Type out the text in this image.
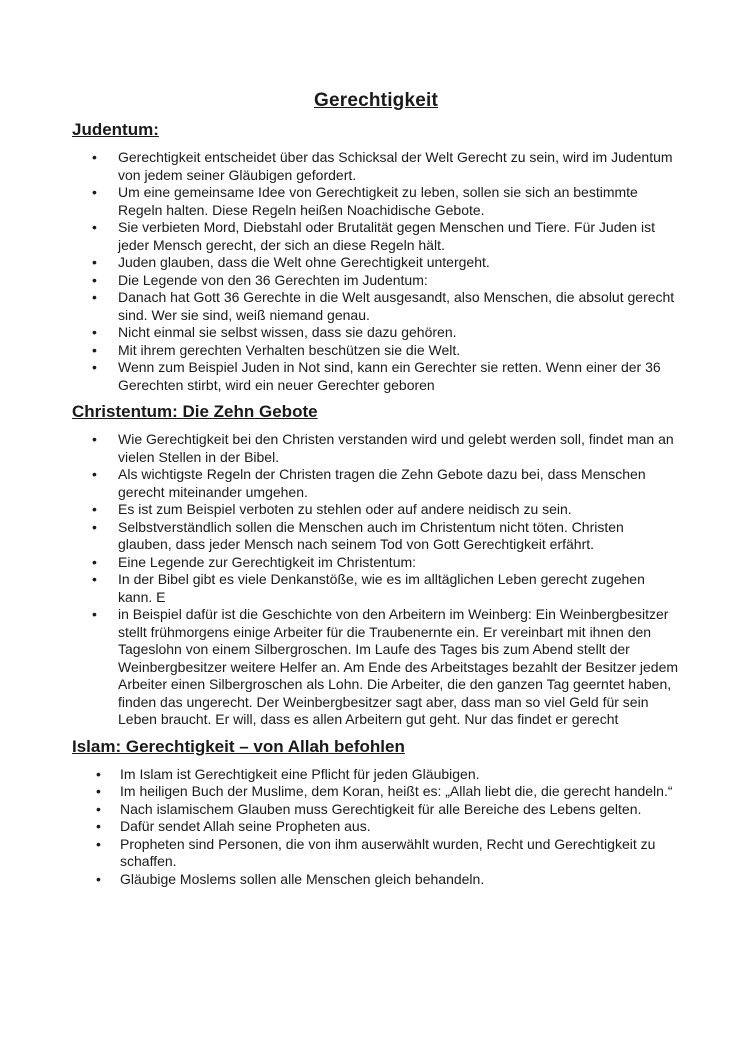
Gerechtigkeit
Judentum:
• Gerechtigkeit entscheidet über das Schicksal der Welt Gerecht zu sein, wird im Judentum von jedem seiner Gläubigen gefordert.
• Um eine gemeinsame Idee von Gerechtigkeit zu leben, sollen sie sich an bestimmte Regeln halten. Diese Regeln heißen Noachidische Gebote.
• Sie verbieten Mord, Diebstahl oder Brutalität gegen Menschen und Tiere. Für Juden ist jeder Mensch gerecht, der sich an diese Regeln hält.
• Juden glauben, dass die Welt ohne Gerechtigkeit untergeht.
• Die Legende von den 36 Gerechten im Judentum:
• Danach hat Gott 36 Gerechte in die Welt ausgesandt, also Menschen, die absolut gerecht sind. Wer sie sind, weiß niemand genau.
• Nicht einmal sie selbst wissen, dass sie dazu gehören.
• Mit ihrem gerechten Verhalten beschützen sie die Welt.
• Wenn zum Beispiel Juden in Not sind, kann ein Gerechter sie retten. Wenn einer der 36 Gerechten stirbt, wird ein neuer Gerechter geboren
Christentum: Die Zehn Gebote
• Wie Gerechtigkeit bei den Christen verstanden wird und gelebt werden soll, findet man an vielen Stellen in der Bibel.
• Als wichtigste Regeln der Christen tragen die Zehn Gebote dazu bei, dass Menschen gerecht miteinander umgehen.
• Es ist zum Beispiel verboten zu stehlen oder auf andere neidisch zu sein.
• Selbstverständlich sollen die Menschen auch im Christentum nicht töten. Christen glauben, dass jeder Mensch nach seinem Tod von Gott Gerechtigkeit erfährt.
• Eine Legende zur Gerechtigkeit im Christentum:
• In der Bibel gibt es viele Denkanstöße, wie es im alltäglichen Leben gerecht zugehen kann. E
• in Beispiel dafür ist die Geschichte von den Arbeitern im Weinberg: Ein Weinbergbesitzer stellt frühmorgens einige Arbeiter für die Traubenernte ein. Er vereinbart mit ihnen den Tageslohn von einem Silbergroschen. Im Laufe des Tages bis zum Abend stellt der Weinbergbesitzer weitere Helfer an. Am Ende des Arbeitstages bezahlt der Besitzer jedem Arbeiter einen Silbergroschen als Lohn. Die Arbeiter, die den ganzen Tag geerntet haben, finden das ungerecht. Der Weinbergbesitzer sagt aber, dass man so viel Geld für sein Leben braucht. Er will, dass es allen Arbeitern gut geht. Nur das findet er gerecht
Islam: Gerechtigkeit – von Allah befohlen
• Im Islam ist Gerechtigkeit eine Pflicht für jeden Gläubigen.
• Im heiligen Buch der Muslime, dem Koran, heißt es: „Allah liebt die, die gerecht handeln.“
• Nach islamischem Glauben muss Gerechtigkeit für alle Bereiche des Lebens gelten.
• Dafür sendet Allah seine Propheten aus.
• Propheten sind Personen, die von ihm auserwählt wurden, Recht und Gerechtigkeit zu schaffen.
• Gläubige Moslems sollen alle Menschen gleich behandeln.
